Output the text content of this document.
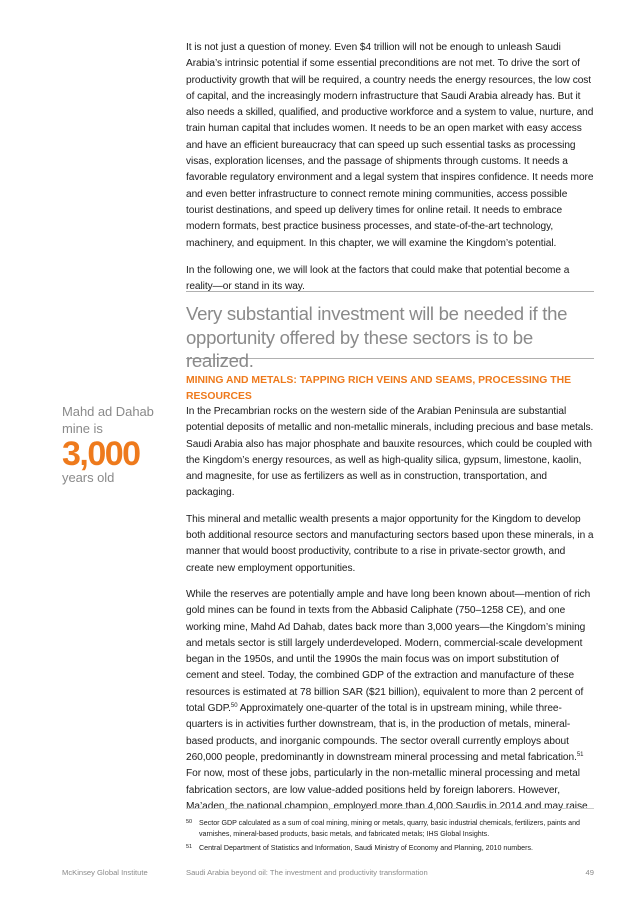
It is not just a question of money. Even $4 trillion will not be enough to unleash Saudi Arabia’s intrinsic potential if some essential preconditions are not met. To drive the sort of productivity growth that will be required, a country needs the energy resources, the low cost of capital, and the increasingly modern infrastructure that Saudi Arabia already has. But it also needs a skilled, qualified, and productive workforce and a system to value, nurture, and train human capital that includes women. It needs to be an open market with easy access and have an efficient bureaucracy that can speed up such essential tasks as processing visas, exploration licenses, and the passage of shipments through customs. It needs a favorable regulatory environment and a legal system that inspires confidence. It needs more and even better infrastructure to connect remote mining communities, access possible tourist destinations, and speed up delivery times for online retail. It needs to embrace modern formats, best practice business processes, and state-of-the-art technology, machinery, and equipment. In this chapter, we will examine the Kingdom’s potential.

In the following one, we will look at the factors that could make that potential become a reality—or stand in its way.

Very substantial investment will be needed if the opportunity offered by these sectors is to be realized.

MINING AND METALS: TAPPING RICH VEINS AND SEAMS, PROCESSING THE RESOURCES

Mahd ad Dahab mine is

3,000

years old

In the Precambrian rocks on the western side of the Arabian Peninsula are substantial potential deposits of metallic and non-metallic minerals, including precious and base metals. Saudi Arabia also has major phosphate and bauxite resources, which could be coupled with the Kingdom’s energy resources, as well as high-quality silica, gypsum, limestone, kaolin, and magnesite, for use as fertilizers as well as in construction, transportation, and packaging.

This mineral and metallic wealth presents a major opportunity for the Kingdom to develop both additional resource sectors and manufacturing sectors based upon these minerals, in a manner that would boost productivity, contribute to a rise in private-sector growth, and create new employment opportunities.

While the reserves are potentially ample and have long been known about—mention of rich gold mines can be found in texts from the Abbasid Caliphate (750–1258 CE), and one working mine, Mahd Ad Dahab, dates back more than 3,000 years—the Kingdom’s mining and metals sector is still largely underdeveloped. Modern, commercial-scale development began in the 1950s, and until the 1990s the main focus was on import substitution of cement and steel. Today, the combined GDP of the extraction and manufacture of these resources is estimated at 78 billion SAR ($21 billion), equivalent to more than 2 percent of total GDP.$^{50}$ Approximately one-quarter of the total is in upstream mining, while three-quarters is in activities further downstream, that is, in the production of metals, mineral-based products, and inorganic compounds. The sector overall currently employs about 260,000 people, predominantly in downstream mineral processing and metal fabrication.$^{51}$ For now, most of these jobs, particularly in the non-metallic mineral processing and metal fabrication sectors, are low value-added positions held by foreign laborers. However, Ma’aden, the national champion, employed more than 4,000 Saudis in 2014 and may raise

50 Sector GDP calculated as a sum of coal mining, mining or metals, quarry, basic industrial chemicals, fertilizers, paints and varnishes, mineral-based products, basic metals, and fabricated metals; IHS Global Insights.
51 Central Department of Statistics and Information, Saudi Ministry of Economy and Planning, 2010 numbers.
McKinsey Global Institute	Saudi Arabia beyond oil: The investment and productivity transformation	49
